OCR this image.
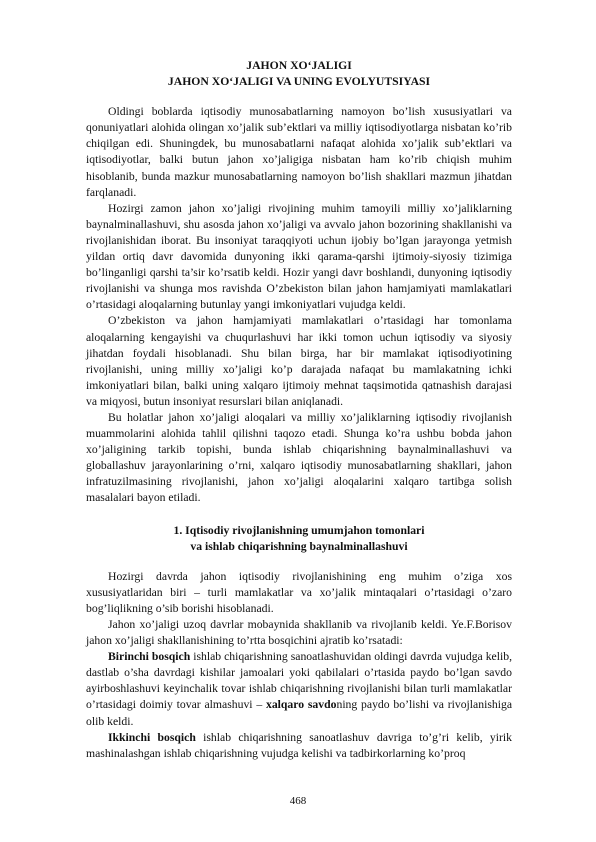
JAHON XO‘JALIGI

JAHON XO‘JALIGI VA UNING EVOLYUTSIYASI

Oldingi boblarda iqtisodiy munosabatlarning namoyon bo’lish xususiyatlari va qonuniyatlari alohida olingan xo’jalik sub’ektlari va milliy iqtisodiyotlarga nisbatan ko’rib chiqilgan edi. Shuningdek, bu munosabatlarni nafaqat alohida xo’jalik sub’ektlari va iqtisodiyotlar, balki butun jahon xo’jaligiga nisbatan ham ko’rib chiqish muhim hisoblanib, bunda mazkur munosabatlarning namoyon bo’lish shakllari mazmun jihatdan farqlanadi.

Hozirgi zamon jahon xo’jaligi rivojining muhim tamoyili milliy xo’jaliklarning baynalminallashuvi, shu asosda jahon xo’jaligi va avvalo jahon bozorining shakllanishi va rivojlanishidan iborat. Bu insoniyat taraqqiyoti uchun ijobiy bo’lgan jarayonga yetmish yildan ortiq davr davomida dunyoning ikki qarama-qarshi ijtimoiy-siyosiy tizimiga bo’linganligi qarshi ta’sir ko’rsatib keldi. Hozir yangi davr boshlandi, dunyoning iqtisodiy rivojlanishi va shunga mos ravishda O’zbekiston bilan jahon hamjamiyati mamlakatlari o’rtasidagi aloqalarning butunlay yangi imkoniyatlari vujudga keldi.

O’zbekiston va jahon hamjamiyati mamlakatlari o’rtasidagi har tomonlama aloqalarning kengayishi va chuqurlashuvi har ikki tomon uchun iqtisodiy va siyosiy jihatdan foydali hisoblanadi. Shu bilan birga, har bir mamlakat iqtisodiyotining rivojlanishi, uning milliy xo’jaligi ko’p darajada nafaqat bu mamlakatning ichki imkoniyatlari bilan, balki uning xalqaro ijtimoiy mehnat taqsimotida qatnashish darajasi va miqyosi, butun insoniyat resurslari bilan aniqlanadi.

Bu holatlar jahon xo’jaligi aloqalari va milliy xo’jaliklarning iqtisodiy rivojlanish muammolarini alohida tahlil qilishni taqozo etadi. Shunga ko’ra ushbu bobda jahon xo’jaligining tarkib topishi, bunda ishlab chiqarishning baynalminallashuvi va globallashuv jarayonlarining o’rni, xalqaro iqtisodiy munosabatlarning shakllari, jahon infratuzilmasining rivojlanishi, jahon xo’jaligi aloqalarini xalqaro tartibga solish masalalari bayon etiladi.

1. Iqtisodiy rivojlanishning umumjahon tomonlari
va ishlab chiqarishning baynalminallashuvi

Hozirgi davrda jahon iqtisodiy rivojlanishining eng muhim o’ziga xos xususiyatlaridan biri – turli mamlakatlar va xo’jalik mintaqalari o’rtasidagi o’zaro bog’liqlikning o’sib borishi hisoblanadi.

Jahon xo’jaligi uzoq davrlar mobaynida shakllanib va rivojlanib keldi. Ye.F.Borisov jahon xo’jaligi shakllanishining to’rtta bosqichini ajratib ko’rsatadi:

Birinchi bosqich ishlab chiqarishning sanoatlashuvidan oldingi davrda vujudga kelib, dastlab o’sha davrdagi kishilar jamoalari yoki qabilalari o’rtasida paydo bo’lgan savdo ayirboshlashuvi keyinchalik tovar ishlab chiqarishning rivojlanishi bilan turli mamlakatlar o’rtasidagi doimiy tovar almashuvi – xalqaro savdoning paydo bo’lishi va rivojlanishiga olib keldi.

Ikkinchi bosqich ishlab chiqarishning sanoatlashuv davriga to’g’ri kelib, yirik mashinalashgan ishlab chiqarishning vujudga kelishi va tadbirkorlarning ko’proq

468
